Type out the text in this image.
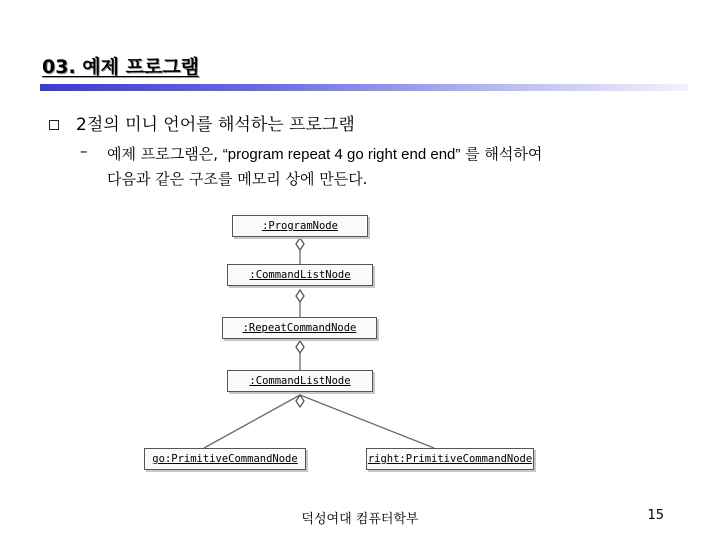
03. 예제 프로그램
2절의 미니 언어를 해석하는 프로그램
– 예제 프로그램은, “program repeat 4 go right end end” 를 해석하여
다음과 같은 구조를 메모리 상에 만든다.
:ProgramNode
:CommandListNode
:RepeatCommandNode
:CommandListNode
go:PrimitiveCommandNode	right:PrimitiveCommandNode
덕성여대 컴퓨터학부	15
